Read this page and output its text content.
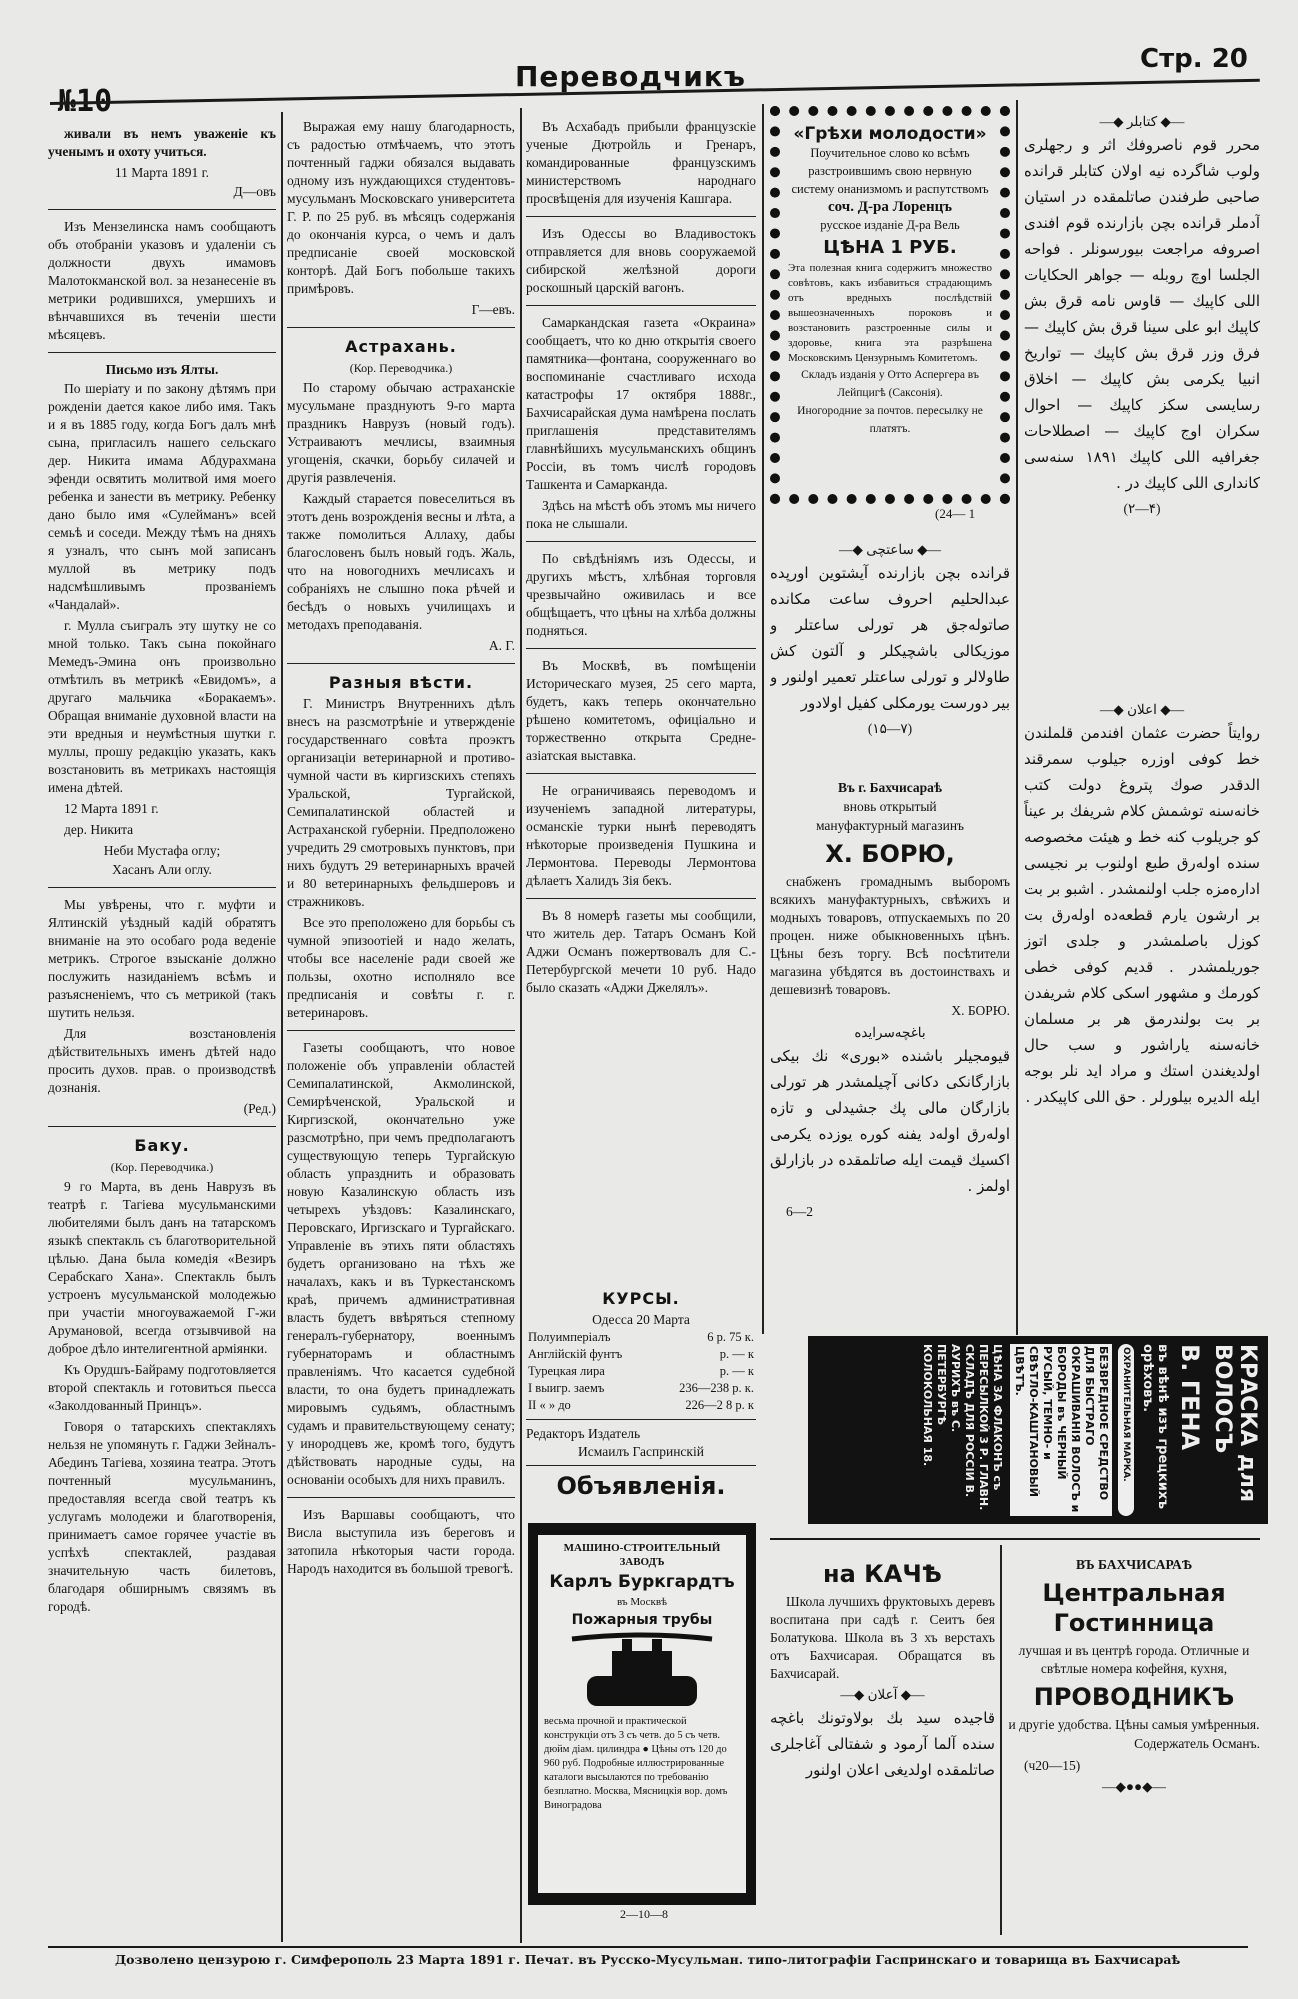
№10
Переводчикъ
Стр. 20

живали въ немъ уваженіе къ ученымъ и охоту учиться.

11 Марта 1891 г.
Д—овъ

Изъ Мензелинска намъ сообщаютъ объ отобраніи указовъ и удаленіи съ должности двухъ имамовъ Малотокманской вол. за незанесеніе въ метрики родившихся, умершихъ и вѣнчавшихся въ теченіи шести мѣсяцевъ.

Письмо изъ Ялты.

По шеріату и по закону дѣтямъ при рожденіи дается какое либо имя. Такъ и я въ 1885 году, когда Богъ далъ мнѣ сына, пригласилъ нашего сельскаго дер. Никита имама Абдурахмана эфенди освятить молитвой имя моего ребенка и занести въ метрику. Ребенку дано было имя «Сулейманъ» всей семьѣ и соседи. Между тѣмъ на дняхъ я узналъ, что сынъ мой записанъ муллой въ метрику подъ надсмѣшливымъ прозваніемъ «Чандалай».

г. Мулла съигралъ эту шутку не со мной только. Такъ сына покойнаго Мемедъ-Эмина онъ произвольно отмѣтилъ въ метрикѣ «Евидомъ», а другаго мальчика «Боракаемъ». Обращая вниманіе духовной власти на эти вредныя и неумѣстныя шутки г. муллы, прошу редакцію указать, какъ возстановить въ метрикахъ настоящія имена дѣтей.

12 Марта 1891 г.

дер. Никита

Неби Мустафа оглу;
Хасанъ Али оглу.

Мы увѣрены, что г. муфти и Ялтинскій уѣздный кадій обратятъ вниманіе на это особаго рода веденіе метрикъ. Строгое взысканіе должно послужить назиданіемъ всѣмъ и разъясненіемъ, что съ метрикой (такъ шутить нельзя.

Для возстановленія дѣйствительныхъ именъ дѣтей надо просить духов. прав. о производствѣ дознанія.

(Ред.)
Баку.
(Кор. Переводчика.)

9 го Марта, въ день Наврузъ въ театрѣ г. Тагіева мусульманскими любителями былъ данъ на татарскомъ языкѣ спектакль съ благотворительной цѣлью. Дана была комедія «Везиръ Серабскаго Хана». Спектакль былъ устроенъ мусульманской молодежью при участіи многоуважаемой Г-жи Арумановой, всегда отзывчивой на доброе дѣло интелигентной арміянки.

Къ Орудшъ-Байраму подготовляется второй спектакль и готовиться пьесса «Заколдованный Принцъ».

Говоря о татарскихъ спектакляхъ нельзя не упомянуть г. Гаджи Зейналъ-Абединъ Тагіева, хозяина театра. Этотъ почтенный мусульманинъ, предоставляя всегда свой театръ къ услугамъ молодежи и благотворенія, принимаетъ самое горячее участіе въ успѣхѣ спектаклей, раздавая значительную часть билетовъ, благодаря обширнымъ связямъ въ городѣ.

Выражая ему нашу благодарность, съ радостью отмѣчаемъ, что этотъ почтенный гаджи обязался выдавать одному изъ нуждающихся студентовъ-мусульманъ Московскаго университета Г. Р. по 25 руб. въ мѣсяцъ содержанія до окончанія курса, о чемъ и далъ предписаніе своей московской конторѣ. Дай Богъ побольше такихъ примѣровъ.

Г—евъ.
Астрахань.
(Кор. Переводчика.)

По старому обычаю астраханскіе мусульмане празднуютъ 9-го марта праздникъ Наврузъ (новый годъ). Устраиваютъ мечлисы, взаимныя угощенія, скачки, борьбу силачей и другія развлеченія.

Каждый старается повеселиться въ этотъ день возрожденія весны и лѣта, а также помолиться Аллаху, дабы благословенъ былъ новый годъ. Жаль, что на новогоднихъ мечлисахъ и собраніяхъ не слышно пока рѣчей и бесѣдъ о новыхъ училищахъ и методахъ преподаванія.

А. Г.
Разныя вѣсти.

Г. Министръ Внутреннихъ дѣлъ внесъ на разсмотрѣніе и утвержденіе государственнаго совѣта проэктъ организаціи ветеринарной и противо-чумной части въ киргизскихъ степяхъ Уральской, Тургайской, Семипалатинской областей и Астраханской губерніи. Предположено учредить 29 смотровыхъ пунктовъ, при нихъ будутъ 29 ветеринарныхъ врачей и 80 ветеринарныхъ фельдшеровъ и стражниковъ.

Все это преположено для борьбы съ чумной эпизоотіей и надо желать, чтобы все населеніе ради своей же пользы, охотно исполняло все предписанія и совѣты г. г. ветеринаровъ.

Газеты сообщаютъ, что новое положеніе объ управленіи областей Семипалатинской, Акмолинской, Семирѣченской, Уральской и Киргизской, окончательно уже разсмотрѣно, при чемъ предполагаютъ существующую теперь Тургайскую область упразднить и образовать новую Казалинскую область изъ четырехъ уѣздовъ: Казалинскаго, Перовскаго, Иргизскаго и Тургайскаго. Управленіе въ этихъ пяти областяхъ будетъ организовано на тѣхъ же началахъ, какъ и въ Туркестанскомъ краѣ, причемъ административная власть будетъ ввѣряться степному генералъ-губернатору, военнымъ губернаторамъ и областнымъ правленіямъ. Что касается судебной власти, то она будетъ принадлежать мировымъ судьямъ, областнымъ судамъ и правительствующему сенату; у инородцевъ же, кромѣ того, будутъ дѣйствовать народные суды, на основаніи особыхъ для нихъ правилъ.

Изъ Варшавы сообщаютъ, что Висла выступила изъ береговъ и затопила нѣкоторыя части города. Народъ находится въ большой тревогѣ.

Въ Асхабадъ прибыли французскіе ученые Дютройль и Гренаръ, командированные французскимъ министерствомъ народнаго просвѣщенія для изученія Кашгара.

Изъ Одессы во Владивостокъ отправляется для вновь сооружаемой сибирской желѣзной дороги роскошный царскій вагонъ.

Самаркандская газета «Окраина» сообщаетъ, что ко дню открытія своего памятника—фонтана, сооруженнаго во воспоминаніе счастливаго исхода катастрофы 17 октября 1888г., Бахчисарайская дума намѣрена послать приглашенія представителямъ главнѣйшихъ мусульманскихъ общинъ Россіи, въ томъ числѣ городовъ Ташкента и Самарканда.

Здѣсь на мѣстѣ объ этомъ мы ничего пока не слышали.

По свѣдѣніямъ изъ Одессы, и другихъ мѣстъ, хлѣбная торговля чрезвычайно оживилась и все общѣщаетъ, что цѣны на хлѣба должны подняться.

Въ Москвѣ, въ помѣщеніи Историческаго музея, 25 сего марта, будетъ, какъ теперь окончательно рѣшено комитетомъ, офиціально и торжественно открыта Средне-азіатская выставка.

Не ограничиваясь переводомъ и изученіемъ западной литературы, османскіе турки нынѣ переводятъ нѣкоторые произведенія Пушкина и Лермонтова. Переводы Лермонтова дѣлаетъ Халидъ Зія бекъ.

Въ 8 номерѣ газеты мы сообщили, что житель дер. Татаръ Османъ Кой Аджи Османъ пожертвовалъ для С.-Петербургской мечети 10 руб. Надо было сказать «Аджи Джелялъ».

КУРСЫ.
Одесса 20 Марта
Полуимперіалъ	6 р. 75 к.
Англійскій фунтъ	р. — к
Турецкая лира	р. — к
I выигр. заемъ	236—238 р. к.
II « » до	226—2 8 р. к

Редакторъ Издатель

Исмаилъ Гаспринскій
Объявленія.
—◆ کتابلر ◆—
محرر قوم ناصروفك اثر و رجهلری ولوب شاگرده نیه اولان کتابلر قرانده صاحبی طرفندن صاتلمقده در استیان آدملر قرانده بچن بازارنده قوم افندی اصروفه مراجعت بیورسونلر . فواحه الجلسا اوچ روبله — جواهر الحکایات اللی کاپیك — قاوس نامه قرق بش کاپیك ابو علی سینا قرق بش کاپیك — فرق وزر قرق بش کاپیك — تواریخ انبیا یکرمی بش کاپیك — اخلاق رسایسی سکز کاپیك — احوال سکران اوج کاپیك — اصطلاحات جغرافیه اللی کاپیك ۱۸۹۱ سنه‌سی کانداری اللی کاپیك در .
(۲—۴)
—◆ اعلان ◆—
روایتاً حضرت عثمان افندمن قلملندن خط کوفی اوزره جیلوب سمرقند الدقدر صوك پتروغ دولت کتب خانه‌سنه توشمش کلام شریفك بر عیناً کو جریلوب کنه خط و هیئت مخصوصه سنده اولەرق طبع اولنوب بر نجیسی ادارەمزه جلب اولنمشدر . اشبو بر بت بر ارشون یارم قطعه‌ده اولەرق بت کوزل باصلمشدر و جلدی اتوز جوریلمشدر . قدیم کوفی خطی کورمك و مشهور اسکی کلام شریفدن بر بت بولندرمق هر بر مسلمان خانه‌سنه یاراشور و سب حال اولدیغندن استك و مراد اید نلر بوجه ایله الدیره بیلورلر . حق اللی کاپیکدر .
—◆ ساعتچی ◆—
قرانده بچن بازارنده آیشتوین اورپده عبدالحلیم احروف ساعت مکانده صاتولەجق هر تورلی ساعتلر و موزیکالی باشچیکلر و آلتون کش طاولالر و تورلی ساعتلر تعمیر اولنور و بیر دورست یورمکلی کفیل اولادور
(۱۵—۷)
Въ г. Бахчисараѣ
вновь открытый
мануфактурный магазинъ
Х. БОРЮ,

снабженъ громаднымъ выборомъ всякихъ мануфактурныхъ, свѣжихъ и модныхъ товаровъ, отпускаемыхъ по 20 процен. ниже обыкновенныхъ цѣнъ. Цѣны безъ торгу. Всѣ посѣтители магазина убѣдятся въ достоинствахъ и дешевизнѣ товаровъ.

Х. БОРЮ.
باغچه‌سرایده
قیومجیلر باشنده «بوری» نك بیکی بازارگانکی دکانی آچیلمشدر هر تورلی بازارگان مالی پك جشیدلی و تازه اولەرق اولەد یفنه کوره یوزده یکرمی اکسیك قیمت ایله صاتلمقده در بازارلق اولمز .

6—2

на КАЧѢ

Школа лучшихъ фруктовыхъ деревъ воспитана при садѣ г. Сеитъ бея Болатукова. Школа въ 3 хъ верстахъ отъ Бахчисарая. Обращатся въ Бахчисарай.

—◆ آعلان ◆—
قاجیده سید بك بولاوتونك باغچه سنده آلما آرمود و شفتالی آغاجلری صاتلمقده اولدیغی اعلان اولنور
ВЪ БАХЧИСАРАѢ
Центральная Гостинница
лучшая и въ центрѣ города. Отличные и свѣтлые номера кофейня, кухня,
ПРОВОДНИКЪ
и другіе удобства. Цѣны самыя умѣренныя.
Содержатель Османъ.

(ч20—15)

—◆●●◆—
«Грѣхи молодости»
Поучительное слово ко всѣмъ разстроившимъ свою нервную систему онанизмомъ и распутствомъ
соч. Д-ра Лоренцъ
русское изданіе Д-ра Вель
ЦѢНА 1 РУБ.
Эта полезная книга содержитъ множество совѣтовъ, какъ избавиться страдающимъ отъ вредныхъ послѣдствій вышеозначенныхъ пороковъ и возстановить разстроенные силы и здоровье, книга эта разрѣшена Московскимъ Цензурнымъ Комитетомъ.
Складъ изданія у Отто Аспергера въ Лейпцигѣ (Саксонія).
Иногородние за почтов. пересылку не платятъ.
(24— 1
МАШИНО-СТРОИТЕЛЬНЫЙ ЗАВОДЪ
Карлъ Буркгардтъ
въ Москвѣ
Пожарныя трубы
весьма прочной и практической конструкціи отъ 3 съ четв. до 5 съ четв. дюйм діам. цилиндра ● Цѣны отъ 120 до 960 руб. Подробные иллюстрированные каталоги высылаются по требованію безплатно. Москва, Мясницкія вор. домъ Виноградова
2—10—8
КРАСКА для ВОЛОСЪ
В. ГЕНА
въ вѣнѣ изъ грецкихъ орѣховъ.
ОХРАНИТЕЛЬНАЯ МАРКА.
БЕЗВРЕДНОЕ СРЕДСТВО ДЛЯ БЫСТРАГО ОКРАШИВАНІЯ ВОЛОСЪ и БОРОДЫ въ ЧЕРНЫЙ РУСЫЙ, ТЕМНО- и СВѢТЛО-КАШТАНОВЫЙ ЦВѢТЪ.
ЦѢНА ЗА ФЛАКОНЪ съ ПЕРЕСЫЛКОЙ 3 Р. ГЛАВН. СКЛАДЪ ДЛЯ РОССІИ В. АУРИХЪ въ С. ПЕТЕРБУРГѢ КОЛОКОЛЬНАЯ 18.
Дозволено цензурою г. Симферополь 23 Марта 1891 г. Печат. въ Русско-Мусульман. типо-литографіи Гаспринскаго и товарища въ Бахчисараѣ
